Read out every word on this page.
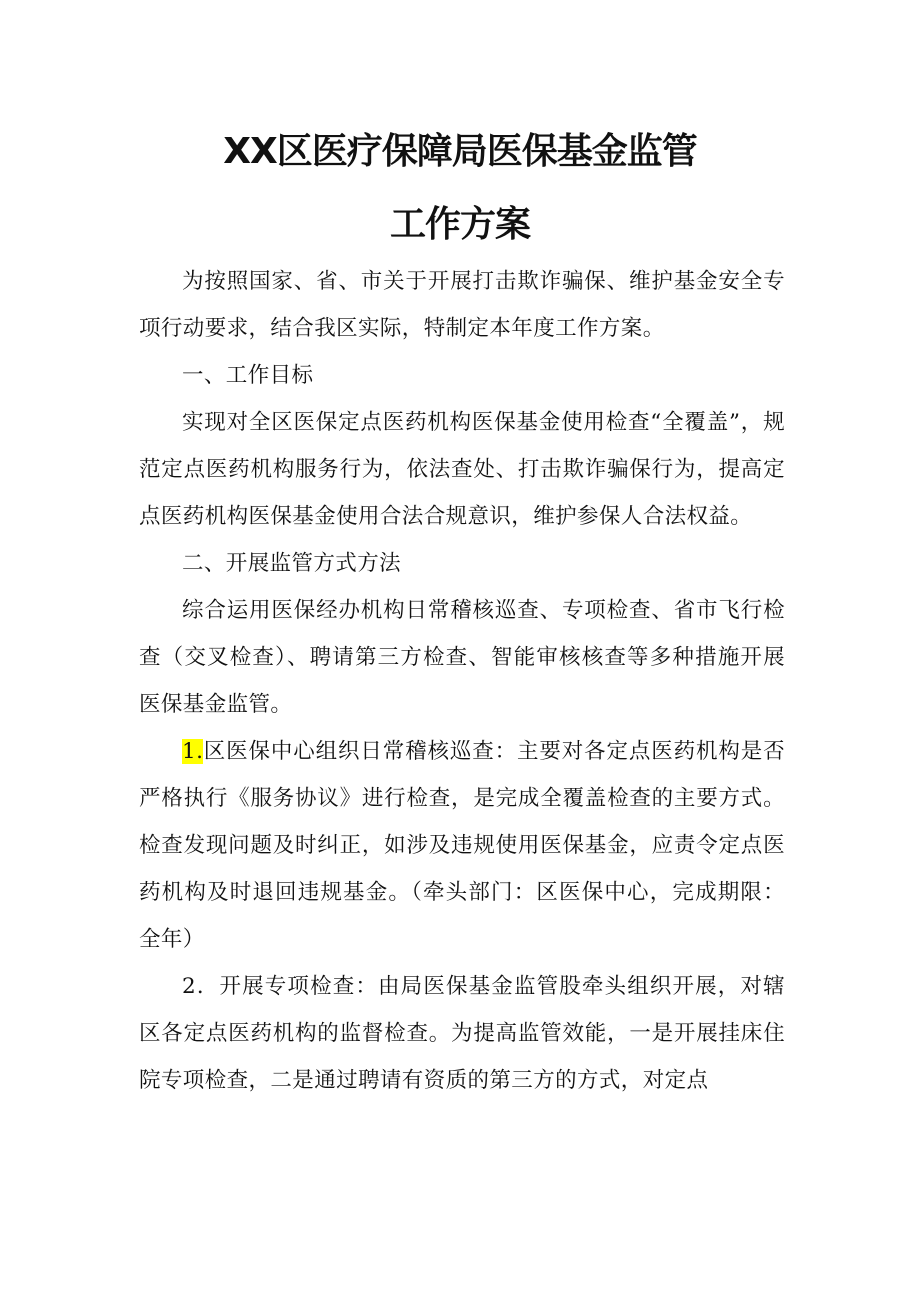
XX区医疗保障局医保基金监管
工作方案

为按照国家、省、市关于开展打击欺诈骗保、维护基金安全专项行动要求，结合我区实际，特制定本年度工作方案。

一、工作目标

实现对全区医保定点医药机构医保基金使用检查“全覆盖”，规范定点医药机构服务行为，依法查处、打击欺诈骗保行为，提高定点医药机构医保基金使用合法合规意识，维护参保人合法权益。

二、开展监管方式方法

综合运用医保经办机构日常稽核巡查、专项检查、省市飞行检查（交叉检查）、聘请第三方检查、智能审核核查等多种措施开展医保基金监管。

1.区医保中心组织日常稽核巡查：主要对各定点医药机构是否严格执行《服务协议》进行检查，是完成全覆盖检查的主要方式。检查发现问题及时纠正，如涉及违规使用医保基金，应责令定点医药机构及时退回违规基金。（牵头部门：区医保中心，完成期限：全年）

2．开展专项检查：由局医保基金监管股牵头组织开展，对辖区各定点医药机构的监督检查。为提高监管效能，一是开展挂床住院专项检查，二是通过聘请有资质的第三方的方式，对定点
